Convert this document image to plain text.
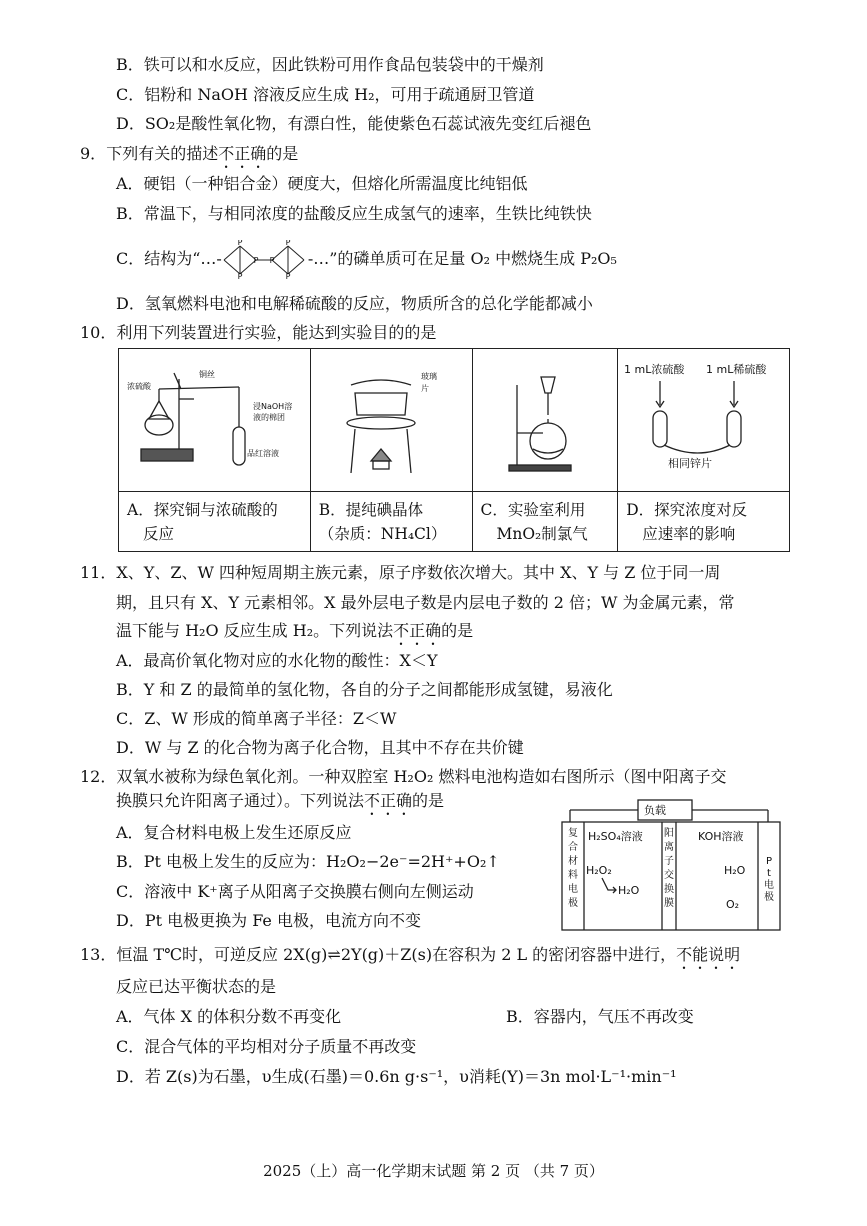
B．铁可以和水反应，因此铁粉可用作食品包装袋中的干燥剂
C．铝粉和 NaOH 溶液反应生成 H₂，可用于疏通厨卫管道
D．SO₂是酸性氧化物，有漂白性，能使紫色石蕊试液先变红后褪色
9．下列有关的描述不正确的是
A．硬铝（一种铝合金）硬度大，但熔化所需温度比纯铝低
B．常温下，与相同浓度的盐酸反应生成氢气的速率，生铁比纯铁快
C．结构为“…-
P
P
P P
P
P
-…”的磷单质可在足量 O₂ 中燃烧生成 P₂O₅
D．氢氧燃料电池和电解稀硫酸的反应，物质所含的总化学能都减小
10．利用下列装置进行实验，能达到实验目的的是
浓硫酸
铜丝
浸NaOH溶
液的棉团
品红溶液	玻璃
片		1 mL浓硫酸 1 mL稀硫酸
相同锌片

A．探究铜与浓硫酸的
反应	B．提纯碘晶体
（杂质：NH₄Cl）	C．实验室利用
MnO₂制氯气	D．探究浓度对反
应速率的影响
11．X、Y、Z、W 四种短周期主族元素，原子序数依次增大。其中 X、Y 与 Z 位于同一周
期，且只有 X、Y 元素相邻。X 最外层电子数是内层电子数的 2 倍；W 为金属元素，常
温下能与 H₂O 反应生成 H₂。下列说法不正确的是
A．最高价氧化物对应的水化物的酸性：X＜Y
B．Y 和 Z 的最简单的氢化物，各自的分子之间都能形成氢键，易液化
C．Z、W 形成的简单离子半径：Z＜W
D．W 与 Z 的化合物为离子化合物，且其中不存在共价键
12．双氧水被称为绿色氧化剂。一种双腔室 H₂O₂ 燃料电池构造如右图所示（图中阳离子交
换膜只允许阳离子通过）。下列说法不正确的是
A．复合材料电极上发生还原反应
B．Pt 电极上发生的反应为：H₂O₂−2e⁻=2H⁺+O₂↑
C．溶液中 K⁺离子从阳离子交换膜右侧向左侧运动
D．Pt 电极更换为 Fe 电极，电流方向不变
负载
H₂SO₄溶液	KOH溶液
H₂O₂
H₂O
H₂O
O₂
复
合
材
料
电
极
阳
离
子
交
换
膜
P
t
电
极
13．恒温 T℃时，可逆反应 2X(g)⇌2Y(g)＋Z(s)在容积为 2 L 的密闭容器中进行，不能说明
反应已达平衡状态的是
A．气体 X 的体积分数不再变化	B．容器内，气压不再改变
C．混合气体的平均相对分子质量不再改变
D．若 Z(s)为石墨，υ生成(石墨)＝0.6n g·s⁻¹，υ消耗(Y)＝3n mol·L⁻¹·min⁻¹
2025（上）高一化学期末试题 第 2 页 （共 7 页）
